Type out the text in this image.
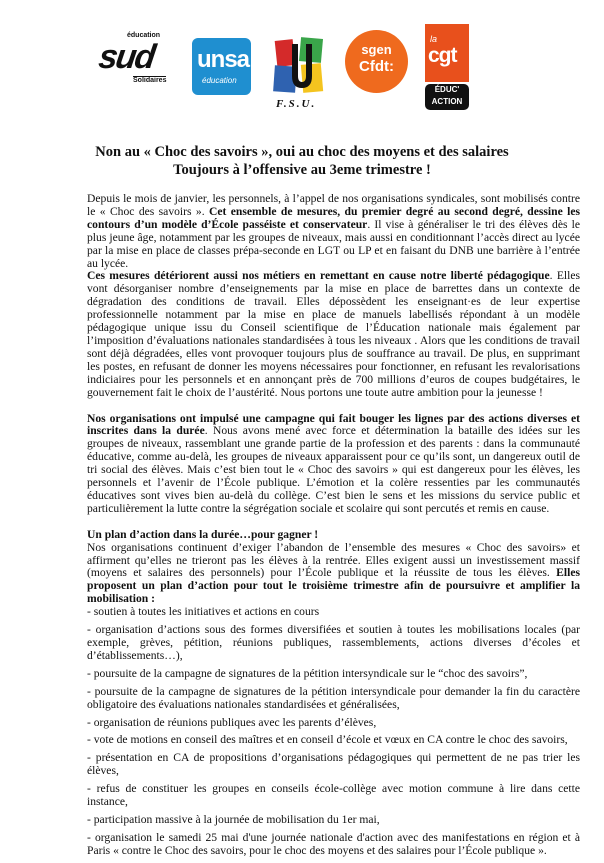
éducation
sud
Solidaires
unsa
éducation
F.S.U.
sgen
Cfdt:
la
cgt
ÉDUC'
ACTION
Non au « Choc des savoirs », oui au choc des moyens et des salaires
Toujours à l’offensive au 3eme trimestre !

Depuis le mois de janvier, les personnels, à l’appel de nos organisations syndicales, sont mobilisés contre le « Choc des savoirs ». Cet ensemble de mesures, du premier degré au second degré, dessine les contours d’un modèle d’École passéiste et conservateur. Il vise à généraliser le tri des élèves dès le plus jeune âge, notamment par les groupes de niveaux, mais aussi en conditionnant l’accès direct au lycée par la mise en place de classes prépa-seconde en LGT ou LP et en faisant du DNB une barrière à l’entrée au lycée.

Ces mesures détériorent aussi nos métiers en remettant en cause notre liberté pédagogique. Elles vont désorganiser nombre d’enseignements par la mise en place de barrettes dans un contexte de dégradation des conditions de travail. Elles dépossèdent les enseignant·es de leur expertise professionnelle notamment par la mise en place de manuels labellisés répondant à un modèle pédagogique unique issu du Conseil scientifique de l’Éducation nationale mais également par l’imposition d’évaluations nationales standardisées à tous les niveaux . Alors que les conditions de travail sont déjà dégradées, elles vont provoquer toujours plus de souffrance au travail. De plus, en supprimant les postes, en refusant de donner les moyens nécessaires pour fonctionner, en refusant les revalorisations indiciaires pour les personnels et en annonçant près de 700 millions d’euros de coupes budgétaires, le gouvernement fait le choix de l’austérité. Nous portons une toute autre ambition pour la jeunesse !

Nos organisations ont impulsé une campagne qui fait bouger les lignes par des actions diverses et inscrites dans la durée. Nous avons mené avec force et détermination la bataille des idées sur les groupes de niveaux, rassemblant une grande partie de la profession et des parents : dans la communauté éducative, comme au-delà, les groupes de niveaux apparaissent pour ce qu’ils sont, un dangereux outil de tri social des élèves. Mais c’est bien tout le « Choc des savoirs » qui est dangereux pour les élèves, les personnels et l’avenir de l’École publique. L’émotion et la colère ressenties par les communautés éducatives sont vives bien au-delà du collège. C’est bien le sens et les missions du service public et particulièrement la lutte contre la ségrégation sociale et scolaire qui sont percutés et remis en cause.

Un plan d’action dans la durée…pour gagner !

Nos organisations continuent d’exiger l’abandon de l’ensemble des mesures « Choc des savoirs» et affirment qu’elles ne trieront pas les élèves à la rentrée. Elles exigent aussi un investissement massif (moyens et salaires des personnels) pour l’École publique et la réussite de tous les élèves. Elles proposent un plan d’action pour tout le troisième trimestre afin de poursuivre et amplifier la mobilisation :

- soutien à toutes les initiatives et actions en cours
- organisation d’actions sous des formes diversifiées et soutien à toutes les mobilisations locales (par exemple, grèves, pétition, réunions publiques, rassemblements, actions diverses d’écoles et d’établissements…),
- poursuite de la campagne de signatures de la pétition intersyndicale sur le “choc des savoirs”,
- poursuite de la campagne de signatures de la pétition intersyndicale pour demander la fin du caractère obligatoire des évaluations nationales standardisées et généralisées,
- organisation de réunions publiques avec les parents d’élèves,
- vote de motions en conseil des maîtres et en conseil d’école et vœux en CA contre le choc des savoirs,
- présentation en CA de propositions d’organisations pédagogiques qui permettent de ne pas trier les élèves,
- refus de constituer les groupes en conseils école-collège avec motion commune à lire dans cette instance,
- participation massive à la journée de mobilisation du 1er mai,
- organisation le samedi 25 mai d'une journée nationale d'action avec des manifestations en région et à Paris « contre le Choc des savoirs, pour le choc des moyens et des salaires pour l’École publique ».
